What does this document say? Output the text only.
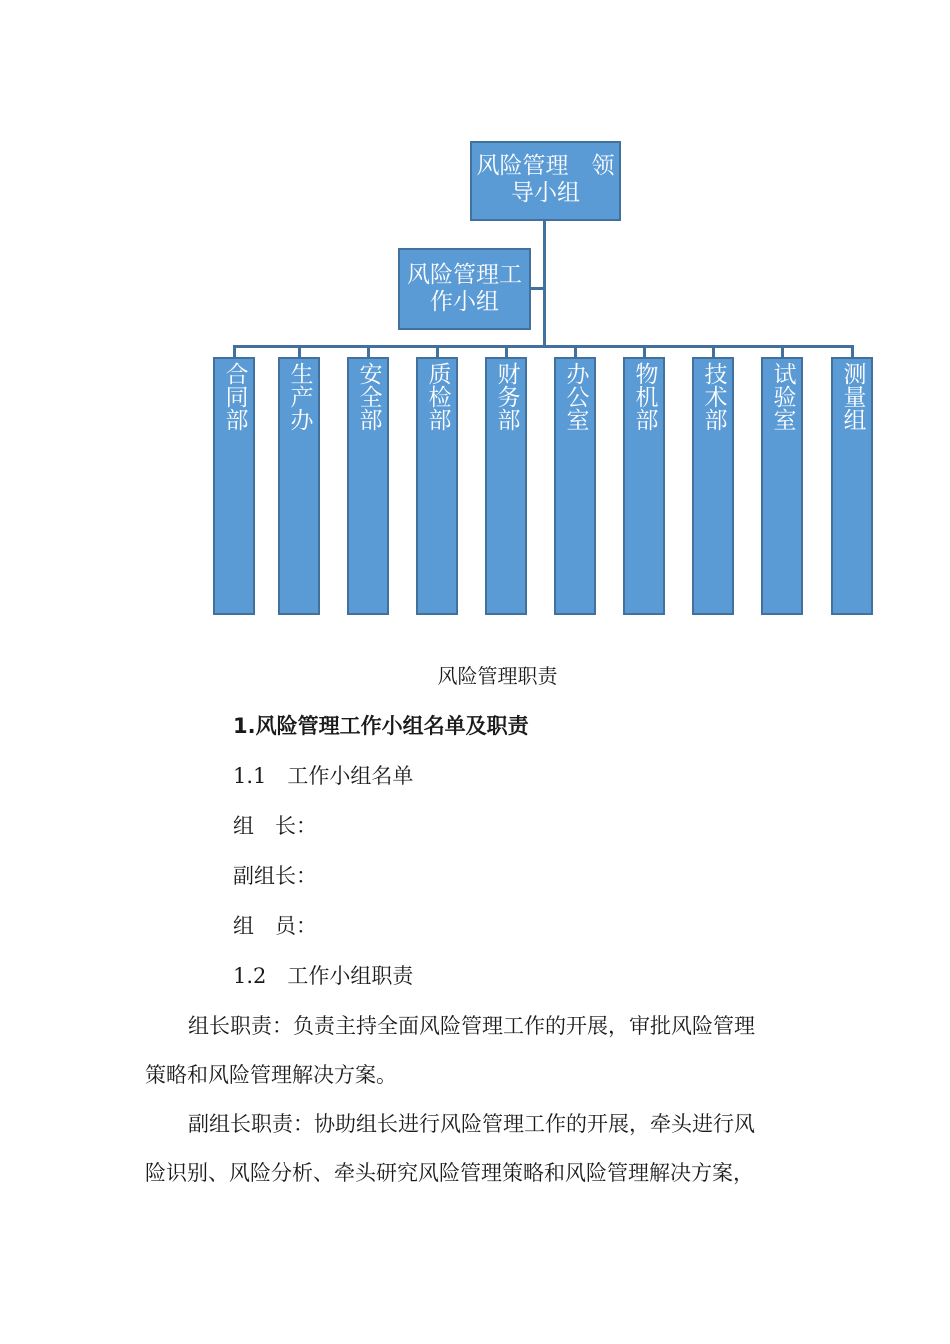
风险管理　领导小组
风险管理工作小组
合同部 生产办 安全部 质检部 财务部 办公室 物机部 技术部 试验室 测量组
风险管理职责
1.风险管理工作小组名单及职责
1.1　工作小组名单
组　长：
副组长：
组　员：
1.2　工作小组职责
组长职责：负责主持全面风险管理工作的开展，审批风险管理
策略和风险管理解决方案。
副组长职责：协助组长进行风险管理工作的开展，牵头进行风
险识别、风险分析、牵头研究风险管理策略和风险管理解决方案，
